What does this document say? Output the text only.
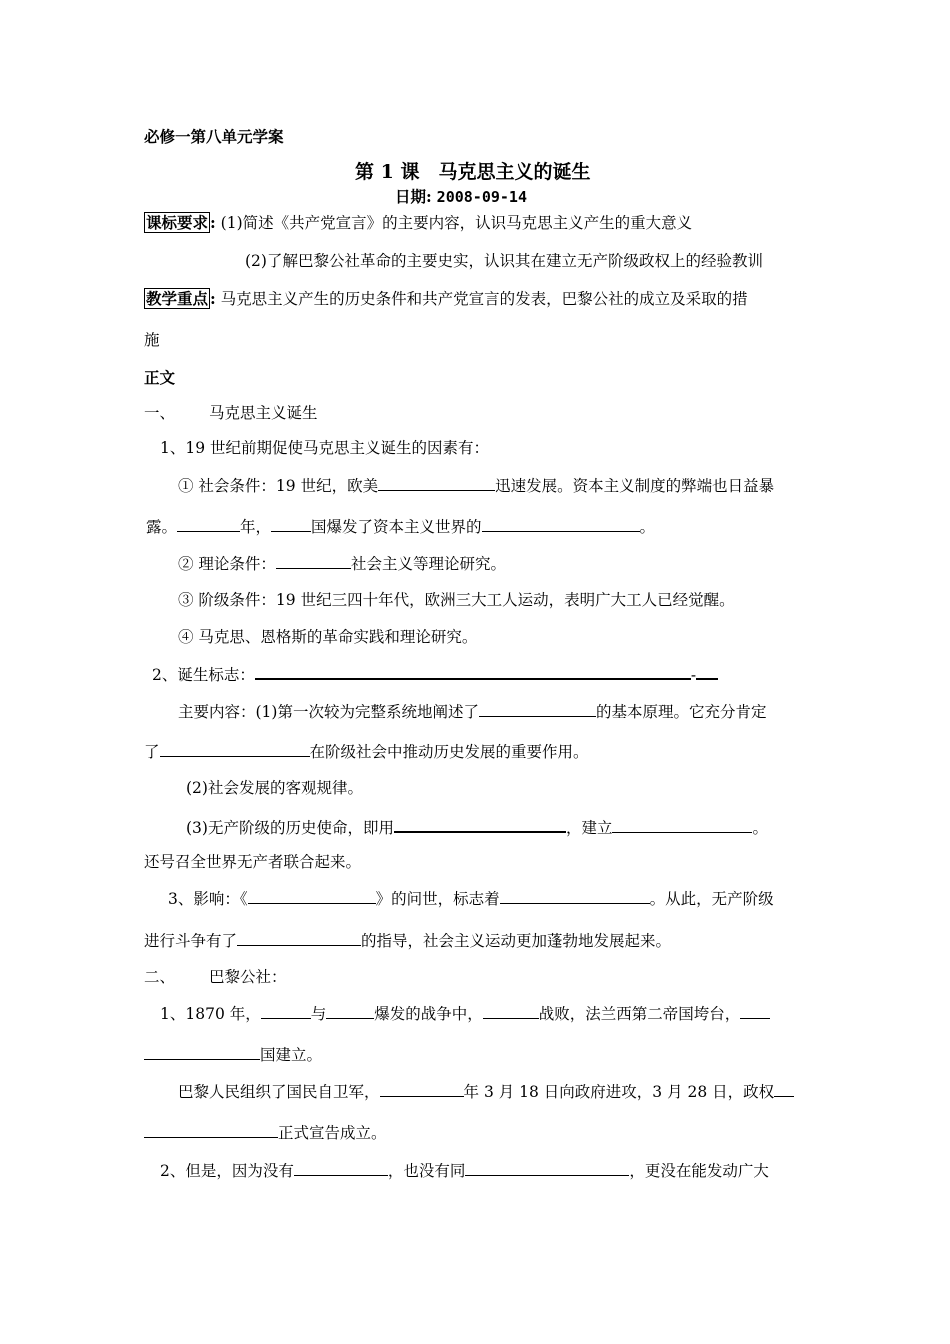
必修一第八单元学案
第 1 课　马克思主义的诞生
日期: 2008-09-14
课标要求 : (1)简述《共产党宣言》的主要内容，认识马克思主义产生的重大意义
(2)了解巴黎公社革命的主要史实，认识其在建立无产阶级政权上的经验教训
教学重点 : 马克思主义产生的历史条件和共产党宣言的发表，巴黎公社的成立及采取的措
施
正文
一、 马克思主义诞生
1、19 世纪前期促使马克思主义诞生的因素有：
① 社会条件：19 世纪，欧美	迅速发展。资本主义制度的弊端也日益暴
露。	年，	国爆发了资本主义世界的	。
② 理论条件：	社会主义等理论研究。
③ 阶级条件：19 世纪三四十年代，欧洲三大工人运动，表明广大工人已经觉醒。
④ 马克思、恩格斯的革命实践和理论研究。
2、诞生标志：	-
主要内容：(1)第一次较为完整系统地阐述了	的基本原理。它充分肯定
了	在阶级社会中推动历史发展的重要作用。
(2)社会发展的客观规律。
(3)无产阶级的历史使命，即用	，建立	。
还号召全世界无产者联合起来。
3、影响：《	》的问世，标志着	。从此，无产阶级
进行斗争有了	的指导，社会主义运动更加蓬勃地发展起来。
二、 巴黎公社：
1、1870 年，	与	爆发的战争中，	战败，法兰西第二帝国垮台，
国建立。
巴黎人民组织了国民自卫军，	年 3 月 18 日向政府进攻，3 月 28 日，政权
正式宣告成立。
2、但是，因为没有	，也没有同	，更没在能发动广大
